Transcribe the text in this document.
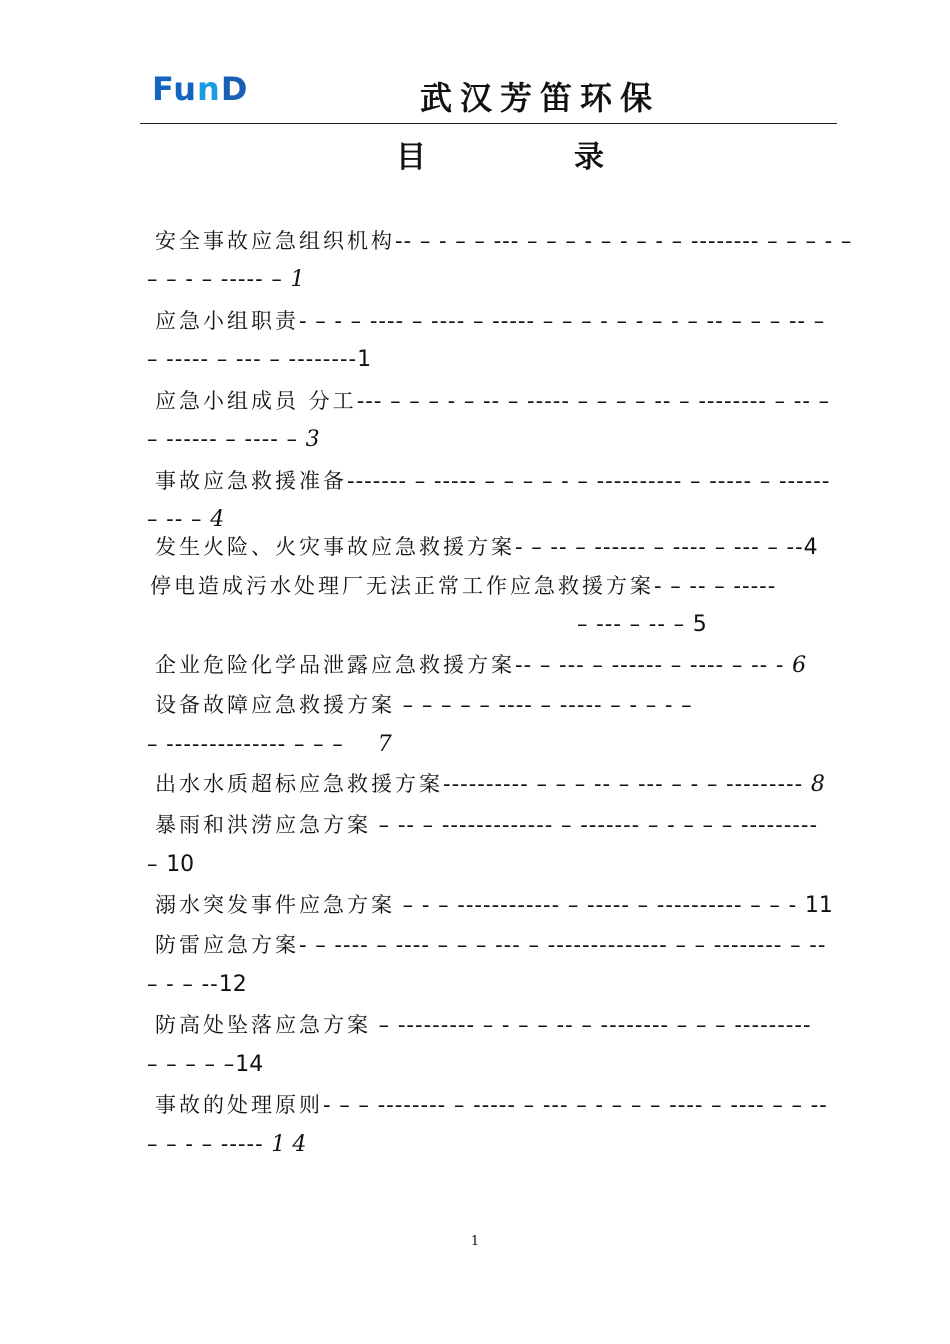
FunD	武汉芳笛环保
目	录
安全事故应急组织机构-- – - – – --- – – – - – - – - – -------- – – – - –
– – - – ----- – 1
应急小组职责- – - – ---- – ---- – ----- – – – - – - – - – -- – – – -- –
– ----- – --- – --------1
应急小组成员 分工--- – – – - – -- – ----- – – – – -- – -------- – -- –
– ------ – ---- – 3
事故应急救援准备------- – ----- – – – – - – ---------- – ----- – ------
– -- – 4
发生火险、火灾事故应急救援方案- – -- – ------ – ---- – --- – --4
停电造成污水处理厂无法正常工作应急救援方案- – -- – -----
– --- – -- – 5
企业危险化学品泄露应急救援方案-- – --- – ------ – ---- – -- - 6
设备故障应急救援方案 – – – – – ---- – ----- – - – - –
– -------------- – – – 7
出水水质超标应急救援方案---------- – – – -- – --- – - – --------- 8
暴雨和洪涝应急方案 – -- – ------------- – ------- – - – – – ---------
– 10
溺水突发事件应急方案 – - – ------------ – ----- – ---------- – – - 11
防雷应急方案- – ---- – ---- – – – --- – -------------- – – -------- – --
– - – --12
防高处坠落应急方案 – --------- – - – – -- – -------- – – – ---------
– – – – –14
事故的处理原则- – – -------- – ----- – --- – - – – – ---- – ---- – – --
– – - – ----- 1 4
1
